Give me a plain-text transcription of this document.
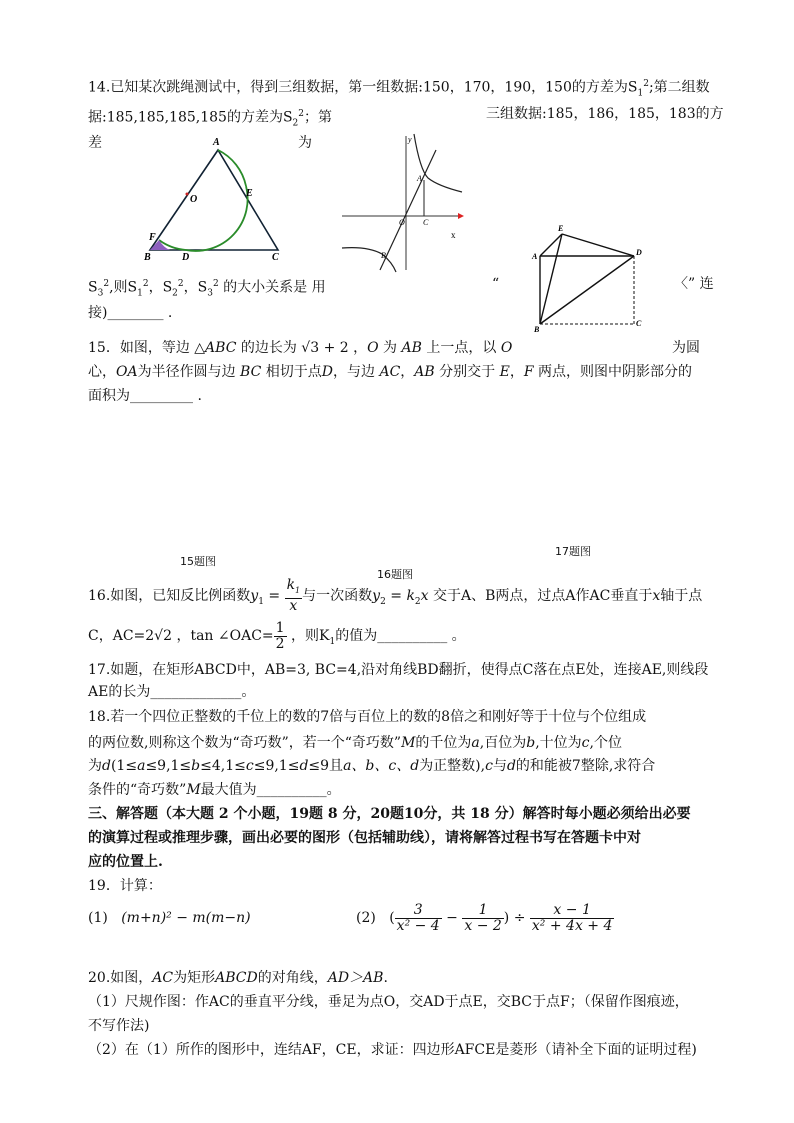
14.已知某次跳绳测试中，得到三组数据，第一组数据:150，170，190，150的方差为$S_1^2$;第二组数
据:185,185,185,185的方差为$S_2^2$；第	三组数据:185，186，185，183的方
差	为
$S_3^2$,则$S_1^2$，$S_2^2$，$S_3^2$ 的大小关系是 用	“	〈” 连
接)________ .
A
O
E
F
B	D	C
y
A
O C
x
B
E
A	D
B
C
15．如图，等边 △ABC 的边长为 √3 + 2 ，O 为 AB 上一点，以 O	为圆
心，OA为半径作圆与边 BC 相切于点D，与边 AC，AB 分别交于 E，F 两点，则图中阴影部分的
面积为_________ .
15题图
16题图
17题图
16.如图，已知反比例函数$y_1 = \frac{k_1}{x}$ 与一次函数$y_2 = k_2x$ 交于A、B两点，过点A作AC垂直于x轴于点
C，AC=2√2 ，tan ∠OAC= $\frac{1}{2}$ ，则$K_1$的值为__________ 。
17.如题，在矩形ABCD中，AB=3, BC=4,沿对角线BD翻折，使得点C落在点E处，连接AE,则线段
AE的长为_____________。
18.若一个四位正整数的千位上的数的7倍与百位上的数的8倍之和刚好等于十位与个位组成
的两位数,则称这个数为“奇巧数”，若一个“奇巧数”M的千位为a,百位为b,十位为c,个位
为d(1≤a≤9,1≤b≤4,1≤c≤9,1≤d≤9且a、b、c、d为正整数),c与d的和能被7整除,求符合
条件的“奇巧数”M最大值为__________。
三、解答题（本大题 2 个小题，19题 8 分，20题10分，共 18 分）解答时每小题必须给出必要
的演算过程或推理步骤，画出必要的图形（包括辅助线），请将解答过程书写在答题卡中对
应的位置上.
19．计算：
(1) (m+n)² − m(m−n)	(2) ( $\frac{3}{\text{x² − 4}} - \frac{1}{x - 2}$ ) ÷ $\frac{x - 1}{\text{x² + 4x + 4}}$
20.如图，AC为矩形ABCD的对角线，AD＞AB.
（1）尺规作图：作AC的垂直平分线，垂足为点O，交AD于点E，交BC于点F；（保留作图痕迹，
不写作法)
（2）在（1）所作的图形中，连结AF，CE，求证：四边形AFCE是菱形（请补全下面的证明过程)
